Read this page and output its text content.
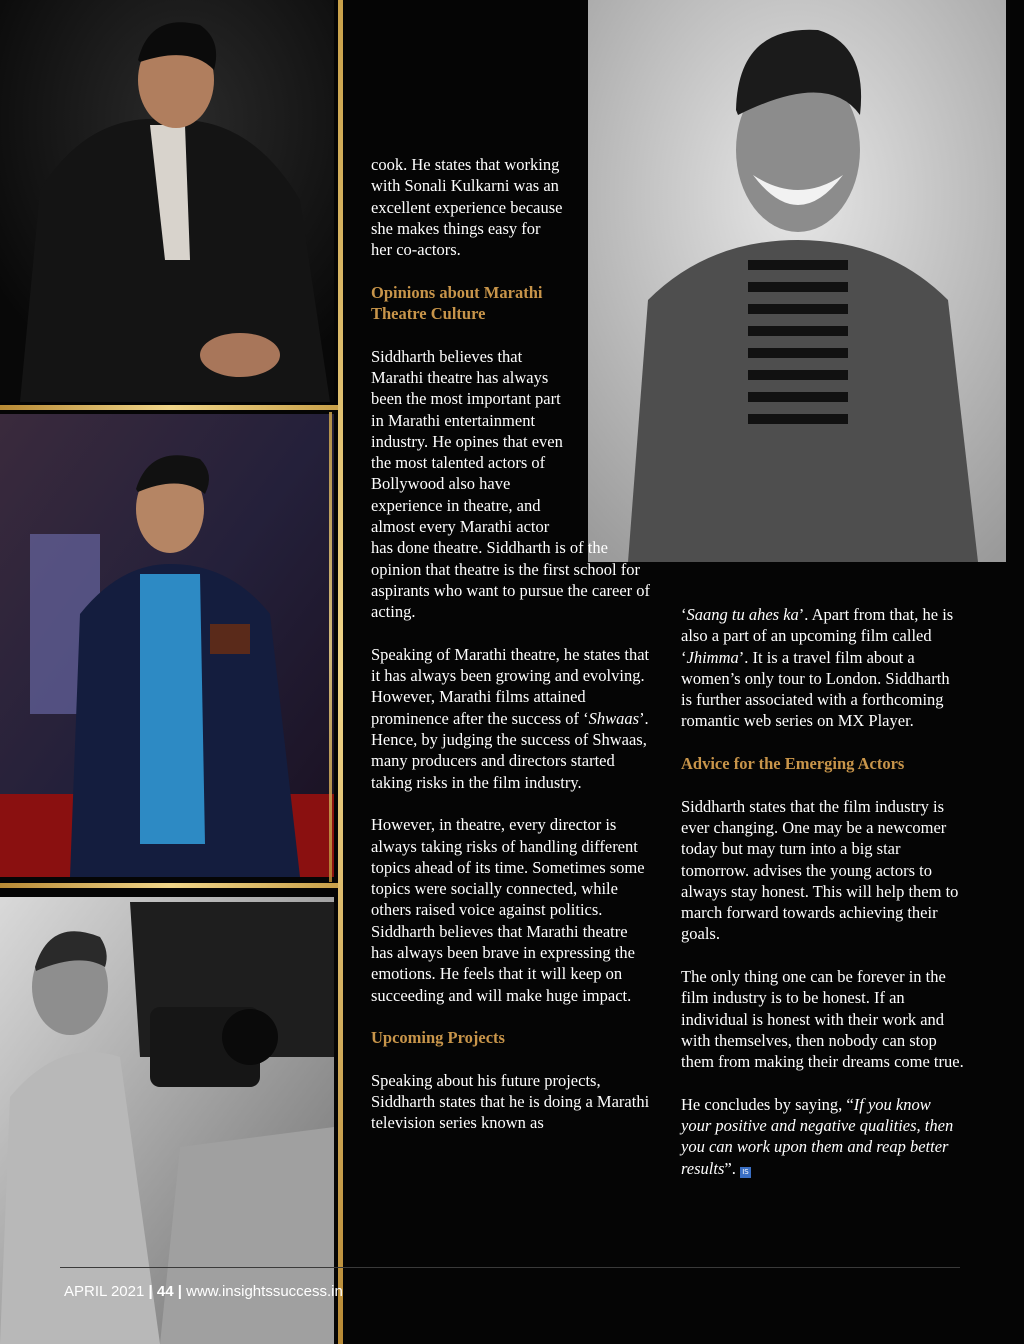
cook. He states that working with Sonali Kulkarni was an excellent experience because she makes things easy for her co-actors.

Opinions about Marathi Theatre Culture

Siddharth believes that Marathi theatre has always been the most important part in Marathi entertainment industry. He opines that even the most talented actors of Bollywood also have experience in theatre, and almost every Marathi actor
has done theatre. Siddharth is of the opinion that theatre is the first school for aspirants who want to pursue the career of acting.

Speaking of Marathi theatre, he states that it has always been growing and evolving. However, Marathi films attained prominence after the success of ‘Shwaas’. Hence, by judging the success of Shwaas, many producers and directors started taking risks in the film industry.

However, in theatre, every director is always taking risks of handling different topics ahead of its time. Sometimes some topics were socially connected, while others raised voice against politics. Siddharth believes that Marathi theatre has always been brave in expressing the emotions. He feels that it will keep on succeeding and will make huge impact.

Upcoming Projects

Speaking about his future projects, Siddharth states that he is doing a Marathi television series known as

‘Saang tu ahes ka’. Apart from that, he is also a part of an upcoming film called ‘Jhimma’. It is a travel film about a women’s only tour to London. Siddharth is further associated with a forthcoming romantic web series on MX Player.

Advice for the Emerging Actors

Siddharth states that the film industry is ever changing. One may be a newcomer today but may turn into a big star tomorrow. advises the young actors to always stay honest. This will help them to march forward towards achieving their goals.

The only thing one can be forever in the film industry is to be honest. If an individual is honest with their work and with themselves, then nobody can stop them from making their dreams come true.

He concludes by saying, “If you know your positive and negative qualities, then you can work upon them and reap better results”. IS

APRIL 2021 | 44 | www.insightssuccess.in
